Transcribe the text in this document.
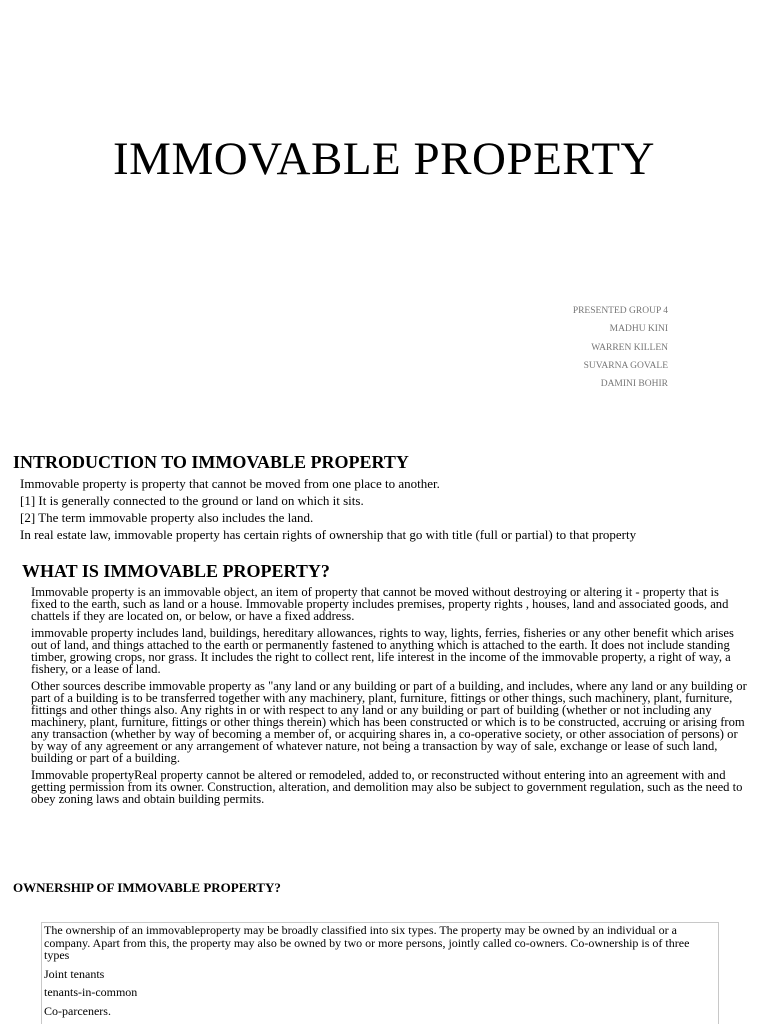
IMMOVABLE PROPERTY
PRESENTED GROUP 4
MADHU KINI
WARREN KILLEN
SUVARNA GOVALE
DAMINI BOHIR
INTRODUCTION TO IMMOVABLE PROPERTY
Immovable property is property that cannot be moved from one place to another.
[1] It is generally connected to the ground or land on which it sits.
[2] The term immovable property also includes the land.
In real estate law, immovable property has certain rights of ownership that go with title (full or partial) to that property
WHAT IS IMMOVABLE PROPERTY?

Immovable property is an immovable object, an item of property that cannot be moved without destroying or altering it - property that is fixed to the earth, such as land or a house. Immovable property includes premises, property rights , houses, land and associated goods, and chattels if they are located on, or below, or have a fixed address.

immovable property includes land, buildings, hereditary allowances, rights to way, lights, ferries, fisheries or any other benefit which arises out of land, and things attached to the earth or permanently fastened to anything which is attached to the earth. It does not include standing timber, growing crops, nor grass. It includes the right to collect rent, life interest in the income of the immovable property, a right of way, a fishery, or a lease of land.

Other sources describe immovable property as "any land or any building or part of a building, and includes, where any land or any building or part of a building is to be transferred together with any machinery, plant, furniture, fittings or other things, such machinery, plant, furniture, fittings and other things also. Any rights in or with respect to any land or any building or part of building (whether or not including any machinery, plant, furniture, fittings or other things therein) which has been constructed or which is to be constructed, accruing or arising from any transaction (whether by way of becoming a member of, or acquiring shares in, a co-operative society, or other association of persons) or by way of any agreement or any arrangement of whatever nature, not being a transaction by way of sale, exchange or lease of such land, building or part of a building.

Immovable propertyReal property cannot be altered or remodeled, added to, or reconstructed without entering into an agreement with and getting permission from its owner. Construction, alteration, and demolition may also be subject to government regulation, such as the need to obey zoning laws and obtain building permits.

OWNERSHIP OF IMMOVABLE PROPERTY?
The ownership of an immovableproperty may be broadly classified into six types. The property may be owned by an individual or a company. Apart from this, the property may also be owned by two or more persons, jointly called co-owners. Co-ownership is of three types
Joint tenants
tenants-in-common
Co-parceners.
